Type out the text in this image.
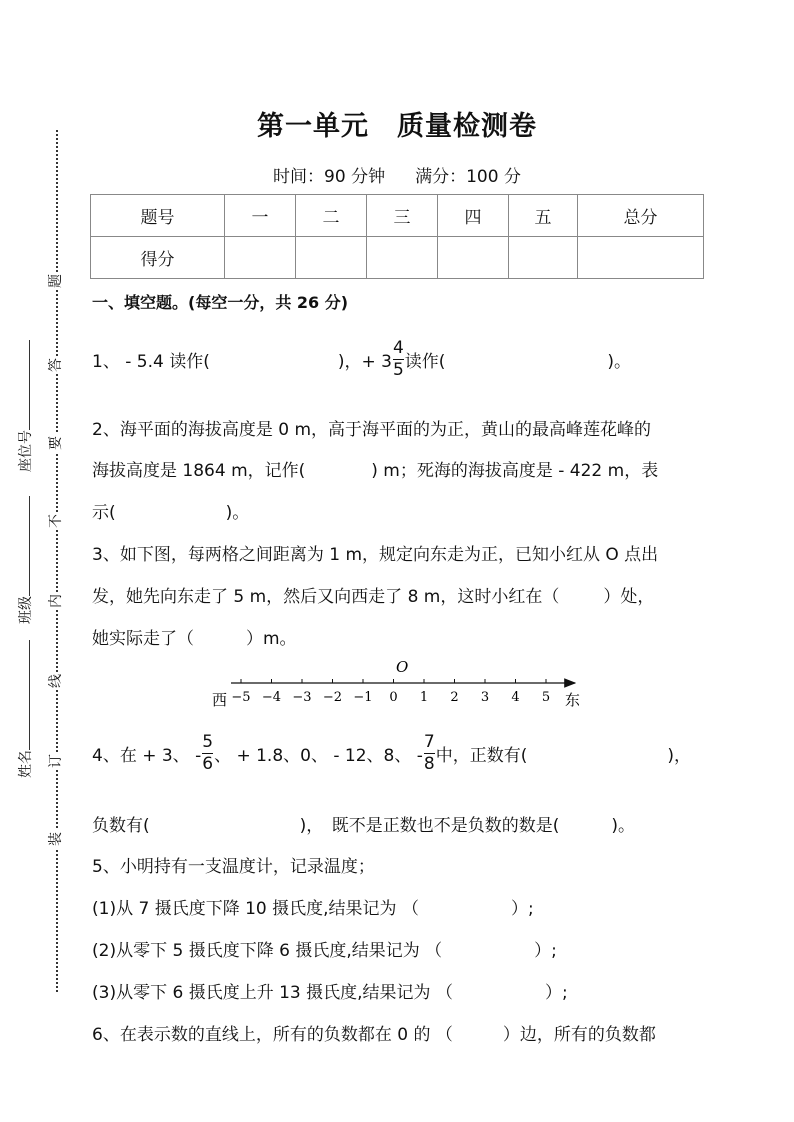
第一单元　质量检测卷
时间：90 分钟 满分：100 分
题号	一	二	三	四	五	总分
得分						
一、填空题。(每空一分，共 26 分)
1、 - 5.4 读作(	)，+ $3 \frac{4}{5}$ 读作(	)。
2、海平面的海拔高度是 0 m，高于海平面的为正，黄山的最高峰莲花峰的
海拔高度是 1864 m，记作(	) m；死海的海拔高度是 - 422 m，表
示(	)。
3、如下图，每两格之间距离为 1 m，规定向东走为正，已知小红从 O 点出
发，她先向东走了 5 m，然后又向西走了 8 m，这时小红在（	）处，
她实际走了（	）m。
−5 −4 −3 −2 −1 0 1 2 3 4 5
O
西	东
4、在 + 3、 - $\frac{5}{6}$ 、 + 1.8、0、 - 12、8、 - $\frac{7}{8}$ 中，正数有(	)，
负数有(	)，　既不是正数也不是负数的数是(	)。
5、小明持有一支温度计，记录温度；
(1)从 7 摄氏度下降 10 摄氏度,结果记为 （	）;
(2)从零下 5 摄氏度下降 6 摄氏度,结果记为 （	）;
(3)从零下 6 摄氏度上升 13 摄氏度,结果记为 （	）;
6、在表示数的直线上，所有的负数都在 0 的 （	）边，所有的负数都
题
答
要
不
内
线
订
装
座位号
班级
姓名
